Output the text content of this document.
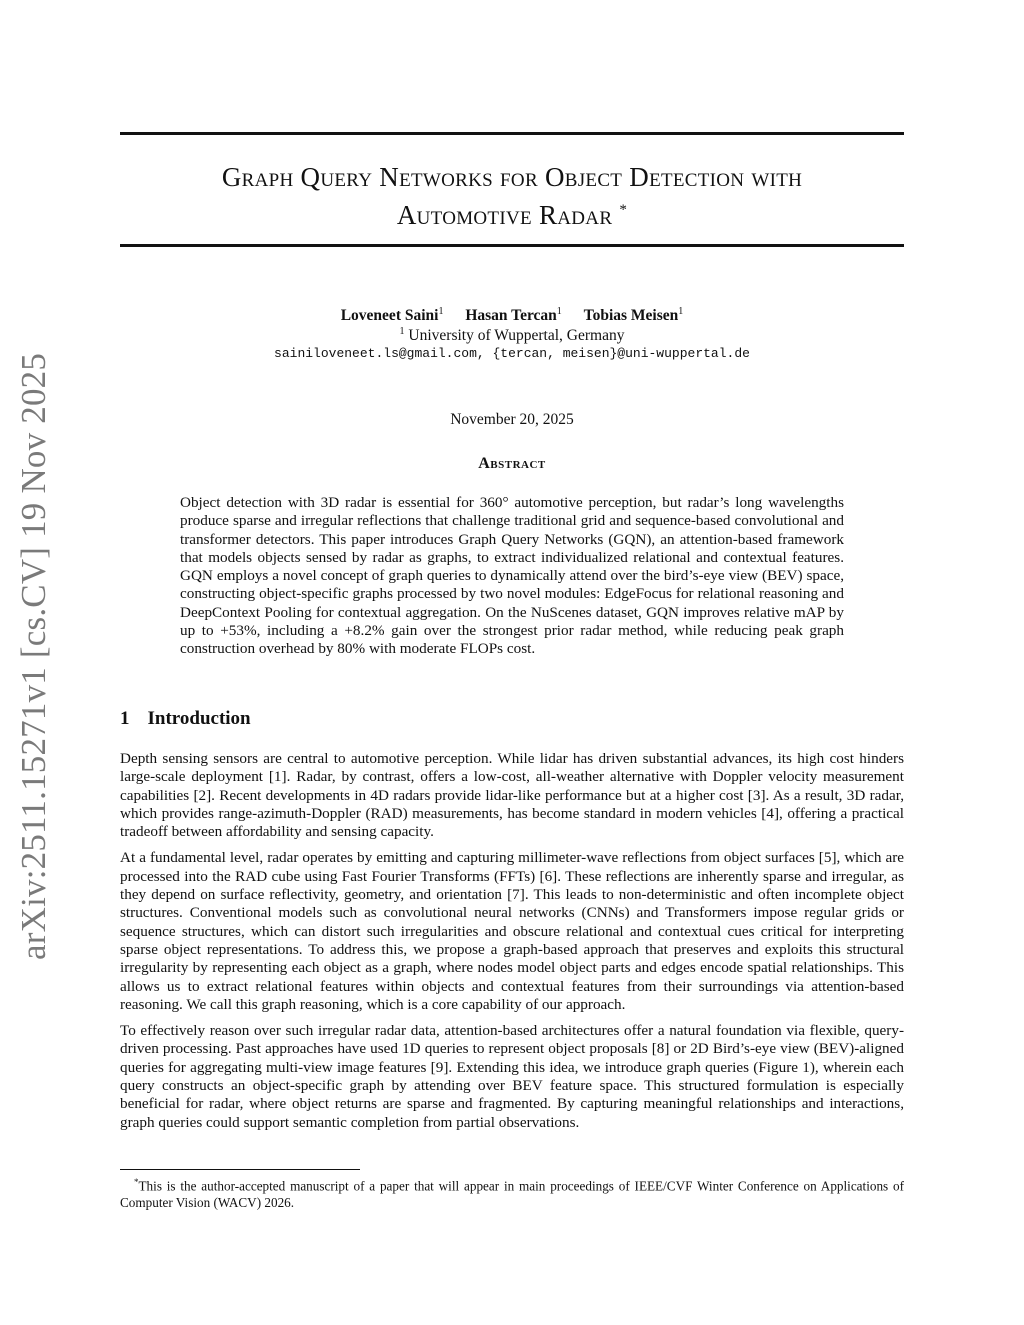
arXiv:2511.15271v1 [cs.CV] 19 Nov 2025
Graph Query Networks for Object Detection with
Automotive Radar *
Loveneet Saini$^1$ Hasan Tercan$^1$ Tobias Meisen$^1$
$^1$ University of Wuppertal, Germany
sainiloveneet.ls@gmail.com, {tercan, meisen}@uni-wuppertal.de
November 20, 2025
Abstract
Object detection with 3D radar is essential for 360° automotive perception, but radar’s long wavelengths produce sparse and irregular reflections that challenge traditional grid and sequence-based convolutional and transformer detectors. This paper introduces Graph Query Networks (GQN), an attention-based framework that models objects sensed by radar as graphs, to extract individualized relational and contextual features. GQN employs a novel concept of graph queries to dynamically attend over the bird’s-eye view (BEV) space, constructing object-specific graphs processed by two novel modules: EdgeFocus for relational reasoning and DeepContext Pooling for contextual aggregation. On the NuScenes dataset, GQN improves relative mAP by up to +53%, including a +8.2% gain over the strongest prior radar method, while reducing peak graph construction overhead by 80% with moderate FLOPs cost.
1 Introduction

Depth sensing sensors are central to automotive perception. While lidar has driven substantial advances, its high cost hinders large-scale deployment [1]. Radar, by contrast, offers a low-cost, all-weather alternative with Doppler velocity measurement capabilities [2]. Recent developments in 4D radars provide lidar-like performance but at a higher cost [3]. As a result, 3D radar, which provides range-azimuth-Doppler (RAD) measurements, has become standard in modern vehicles [4], offering a practical tradeoff between affordability and sensing capacity.

At a fundamental level, radar operates by emitting and capturing millimeter-wave reflections from object surfaces [5], which are processed into the RAD cube using Fast Fourier Transforms (FFTs) [6]. These reflections are inherently sparse and irregular, as they depend on surface reflectivity, geometry, and orientation [7]. This leads to non-deterministic and often incomplete object structures. Conventional models such as convolutional neural networks (CNNs) and Transformers impose regular grids or sequence structures, which can distort such irregularities and obscure relational and contextual cues critical for interpreting sparse object representations. To address this, we propose a graph-based approach that preserves and exploits this structural irregularity by representing each object as a graph, where nodes model object parts and edges encode spatial relationships. This allows us to extract relational features within objects and contextual features from their surroundings via attention-based reasoning. We call this graph reasoning, which is a core capability of our approach.

To effectively reason over such irregular radar data, attention-based architectures offer a natural foundation via flexible, query-driven processing. Past approaches have used 1D queries to represent object proposals [8] or 2D Bird’s-eye view (BEV)-aligned queries for aggregating multi-view image features [9]. Extending this idea, we introduce graph queries (Figure 1), wherein each query constructs an object-specific graph by attending over BEV feature space. This structured formulation is especially beneficial for radar, where object returns are sparse and fragmented. By capturing meaningful relationships and interactions, graph queries could support semantic completion from partial observations.

*This is the author-accepted manuscript of a paper that will appear in main proceedings of IEEE/CVF Winter Conference on Applications of Computer Vision (WACV) 2026.
